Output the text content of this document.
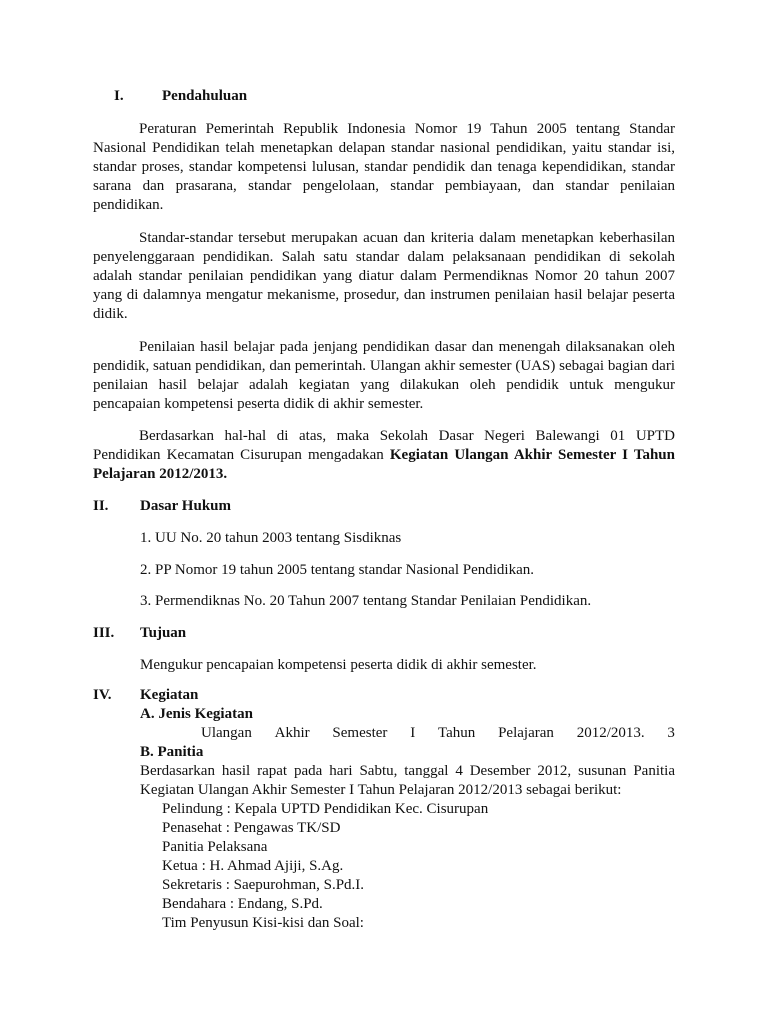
I.	Pendahuluan
Peraturan Pemerintah Republik Indonesia Nomor 19 Tahun 2005 tentang Standar Nasional Pendidikan telah menetapkan delapan standar nasional pendidikan, yaitu standar isi, standar proses, standar kompetensi lulusan, standar pendidik dan tenaga kependidikan, standar sarana dan prasarana, standar pengelolaan, standar pembiayaan, dan standar penilaian pendidikan.
Standar-standar tersebut merupakan acuan dan kriteria dalam menetapkan keberhasilan penyelenggaraan pendidikan. Salah satu standar dalam pelaksanaan pendidikan di sekolah adalah standar penilaian pendidikan yang diatur dalam Permendiknas Nomor 20 tahun 2007 yang di dalamnya mengatur mekanisme, prosedur, dan instrumen penilaian hasil belajar peserta didik.
Penilaian hasil belajar pada jenjang pendidikan dasar dan menengah dilaksanakan oleh pendidik, satuan pendidikan, dan pemerintah. Ulangan akhir semester (UAS) sebagai bagian dari penilaian hasil belajar adalah kegiatan yang dilakukan oleh pendidik untuk mengukur pencapaian kompetensi peserta didik di akhir semester.
Berdasarkan hal-hal di atas, maka Sekolah Dasar Negeri Balewangi 01 UPTD Pendidikan Kecamatan Cisurupan mengadakan Kegiatan Ulangan Akhir Semester I Tahun Pelajaran 2012/2013.
II. Dasar Hukum
1. UU No. 20 tahun 2003 tentang Sisdiknas
2. PP Nomor 19 tahun 2005 tentang standar Nasional Pendidikan.
3. Permendiknas No. 20 Tahun 2007 tentang Standar Penilaian Pendidikan.
III. Tujuan
Mengukur pencapaian kompetensi peserta didik di akhir semester.
IV. Kegiatan
A. Jenis Kegiatan
Ulangan Akhir Semester I Tahun Pelajaran 2012/2013. 3
B. Panitia
Berdasarkan hasil rapat pada hari Sabtu, tanggal 4 Desember 2012, susunan Panitia Kegiatan Ulangan Akhir Semester I Tahun Pelajaran 2012/2013 sebagai berikut:
Pelindung : Kepala UPTD Pendidikan Kec. Cisurupan
Penasehat : Pengawas TK/SD
Panitia Pelaksana
Ketua : H. Ahmad Ajiji, S.Ag.
Sekretaris : Saepurohman, S.Pd.I.
Bendahara : Endang, S.Pd.
Tim Penyusun Kisi-kisi dan Soal:
